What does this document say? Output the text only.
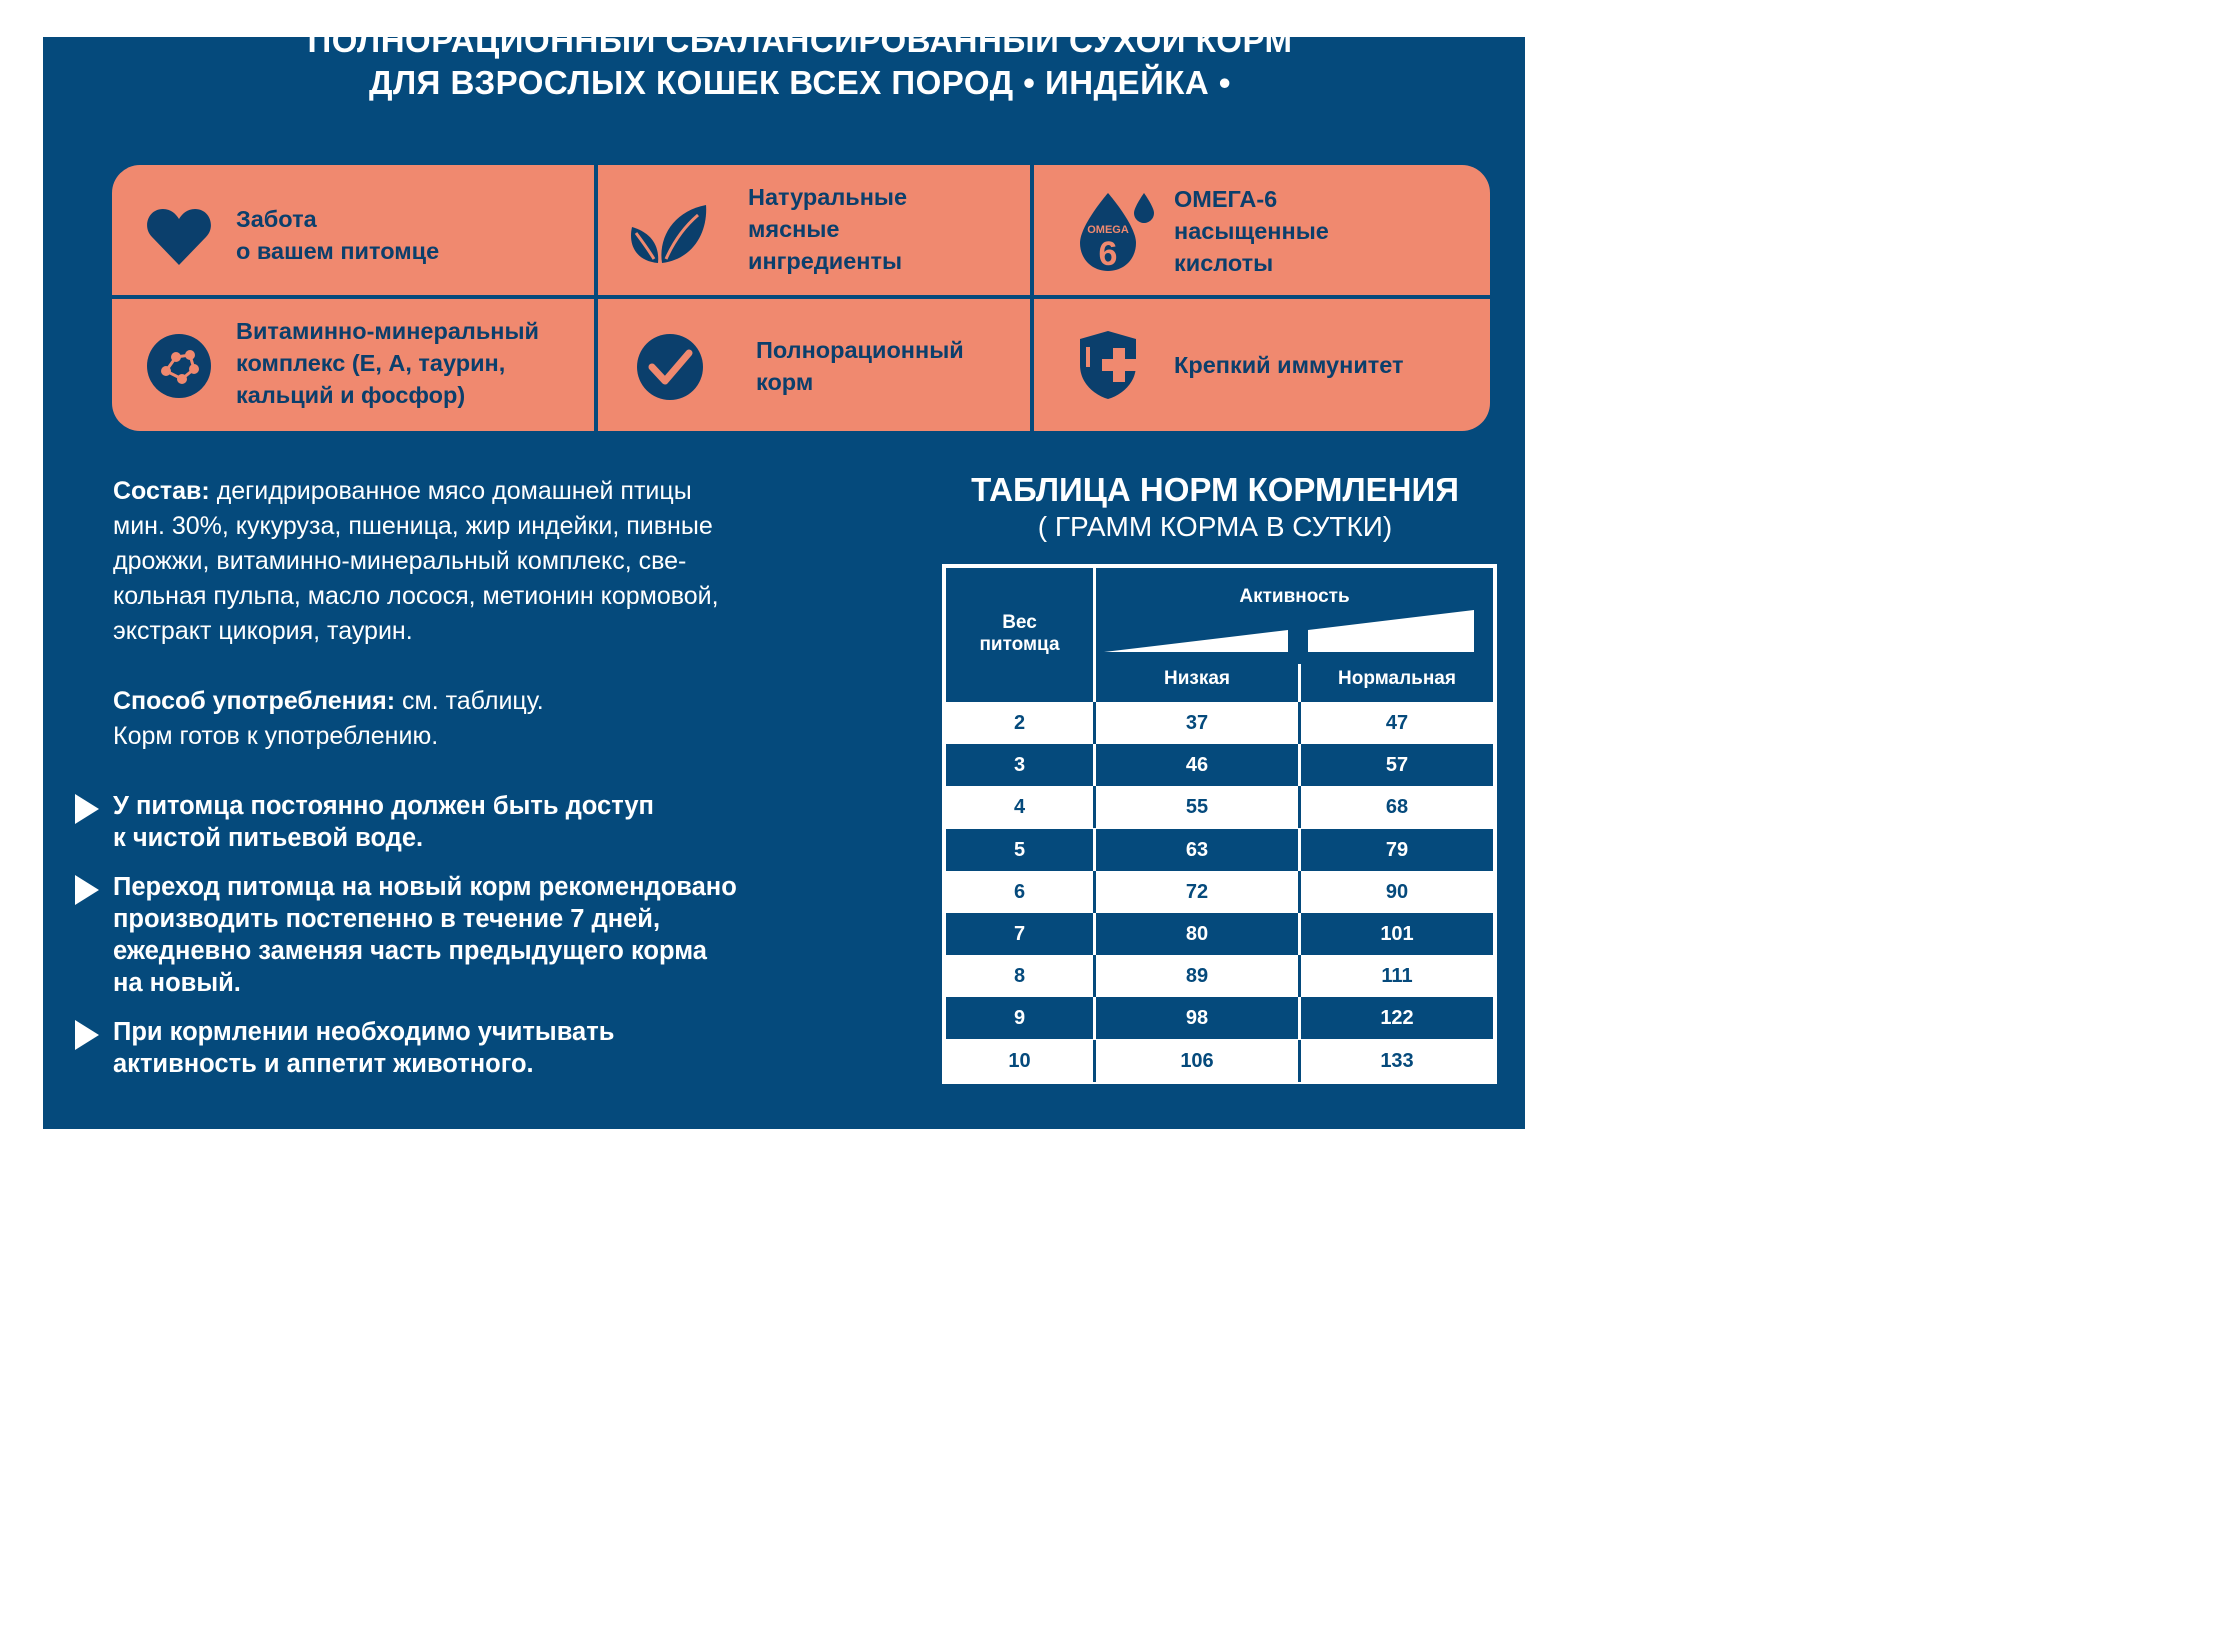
ПОЛНОРАЦИОННЫЙ СБАЛАНСИРОВАННЫЙ СУХОЙ КОРМ
ДЛЯ ВЗРОСЛЫХ КОШЕК ВСЕХ ПОРОД • ИНДЕЙКА •
Забота
о вашем питомце
Натуральные
мясные
ингредиенты
OMEGA
6
ОМЕГА-6
насыщенные
кислоты
Витаминно-минеральный
комплекс (Е, А, таурин,
кальций и фосфор)
Полнорационный
корм
Крепкий иммунитет
Состав: дегидрированное мясо домашней птицы
мин. 30%, кукуруза, пшеница, жир индейки, пивные
дрожжи, витаминно-минеральный комплекс, све-
кольная пульпа, масло лосося, метионин кормовой,
экстракт цикория, таурин.
Способ употребления: см. таблицу.
Корм готов к употреблению.
У питомца постоянно должен быть доступ
к чистой питьевой воде.
Переход питомца на новый корм рекомендовано
производить постепенно в течение 7 дней,
ежедневно заменяя часть предыдущего корма
на новый.
При кормлении необходимо учитывать
активность и аппетит животного.
ТАБЛИЦА НОРМ КОРМЛЕНИЯ
( ГРАММ КОРМА В СУТКИ)
Вес
питомца
Активность
Низкая	Нормальная
2	37	47
3	46	57
4	55	68
5	63	79
6	72	90
7	80	101
8	89	111
9	98	122
10	106	133
